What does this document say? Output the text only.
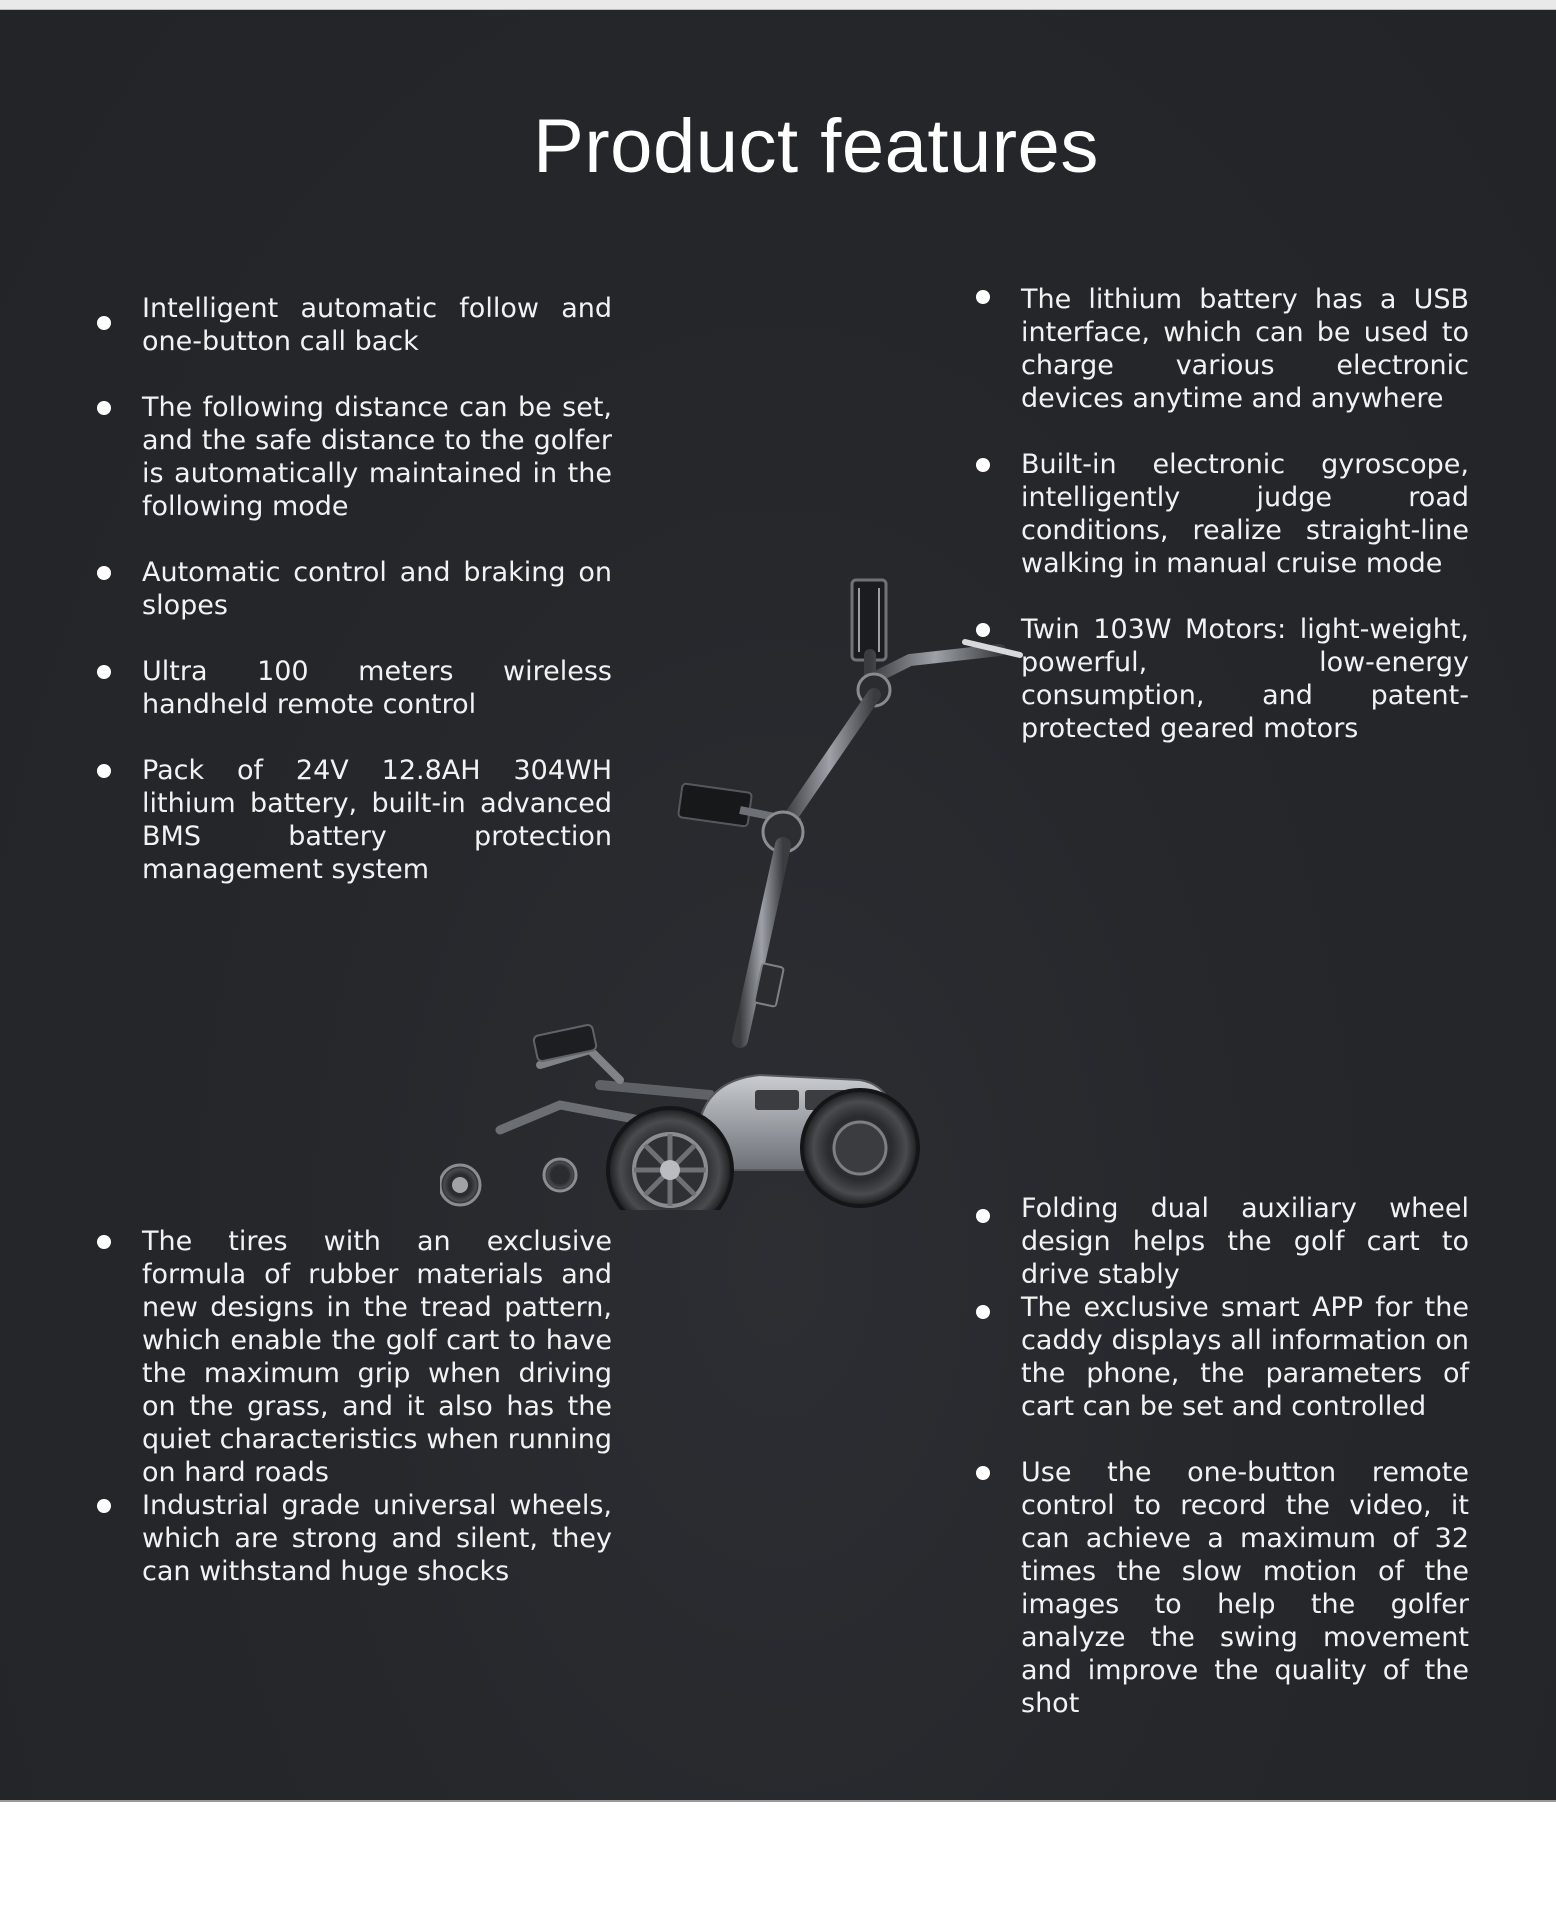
Product features
Intelligent automatic follow and one-button call back
The following distance can be set, and the safe distance to the golfer is automatically maintained in the following mode
Automatic control and braking on slopes
Ultra 100 meters wireless handheld remote control
Pack of 24V 12.8AH 304WH lithium battery, built-in advanced BMS battery protection management system
The tires with an exclusive formula of rubber materials and new designs in the tread pattern, which enable the golf cart to have the maximum grip when driving on the grass, and it also has the quiet characteristics when running on hard roads
Industrial grade universal wheels, which are strong and silent, they can withstand huge shocks
The lithium battery has a USB interface, which can be used to charge various electronic devices anytime and anywhere
Built-in electronic gyroscope, intelligently judge road conditions, realize straight-line walking in manual cruise mode
Twin 103W Motors: light-weight, powerful, low-energy consumption, and patent-protected geared motors
Folding dual auxiliary wheel design helps the golf cart to drive stably
The exclusive smart APP for the caddy displays all information on the phone, the parameters of cart can be set and controlled
Use the one-button remote control to record the video, it can achieve a maximum of 32 times the slow motion of the images to help the golfer analyze the swing movement and improve the quality of the shot
